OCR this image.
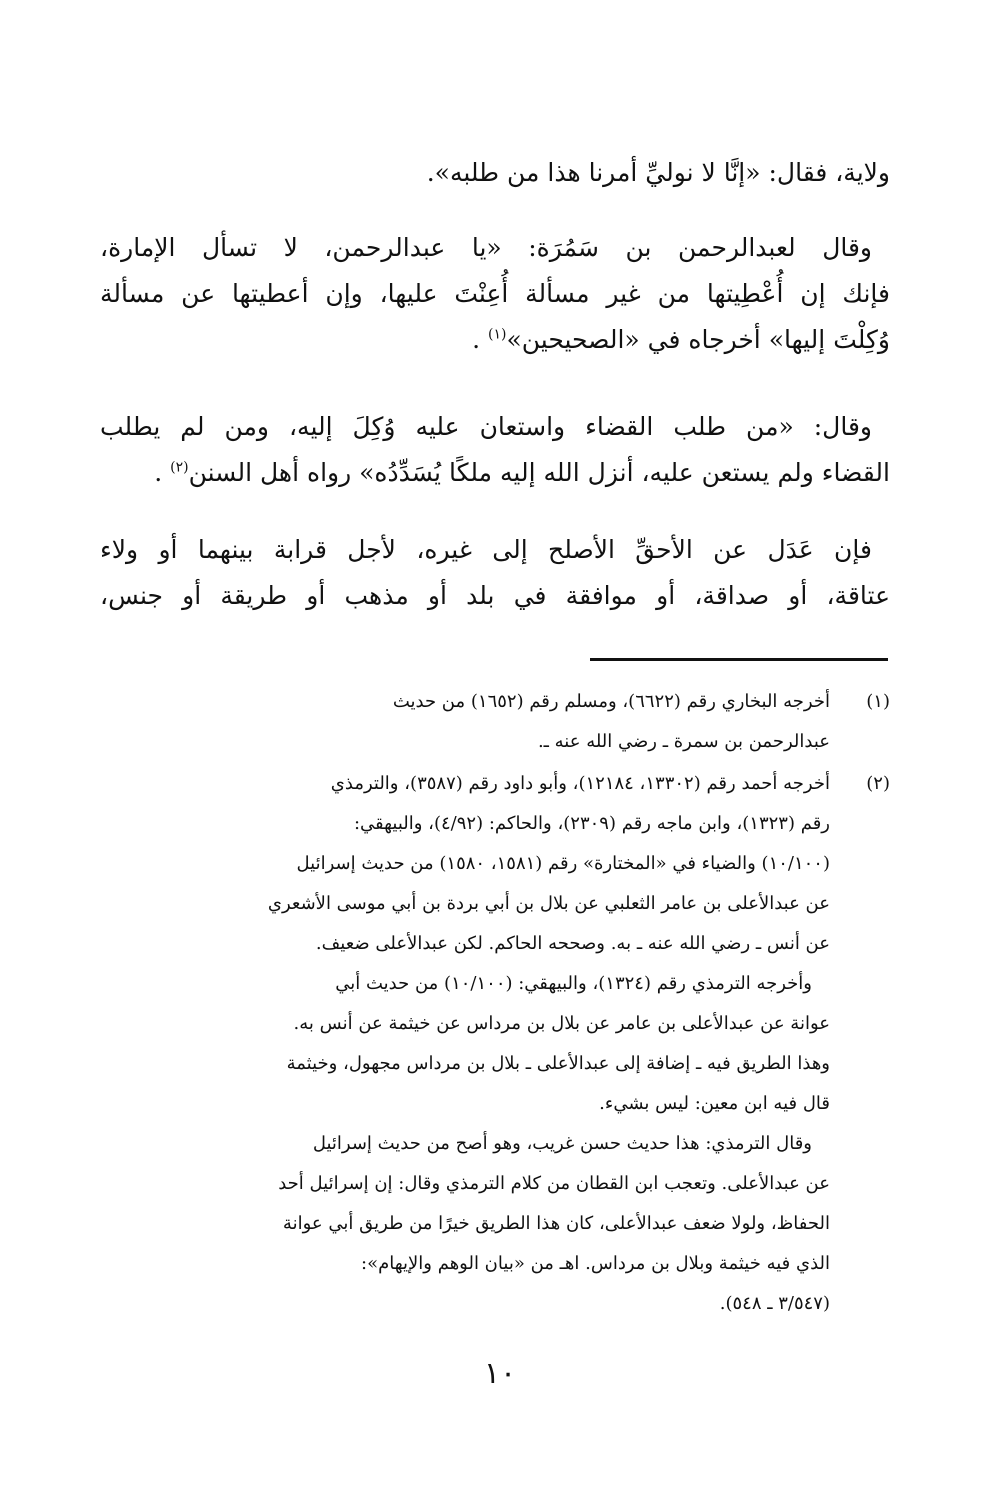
ولاية، فقال: «إنَّا لا نوليِّ أمرنا هذا من طلبه».
وقال لعبدالرحمن بن سَمُرَة: «يا عبدالرحمن، لا تسأل الإمارة،
فإنك إن أُعْطِيتها من غير مسألة أُعِنْتَ عليها، وإن أعطيتها عن مسألة
وُكِلْتَ إليها» أخرجاه في «الصحيحين»$^{(١)}$ .
وقال: «من طلب القضاء واستعان عليه وُكِلَ إليه، ومن لم يطلب
القضاء ولم يستعن عليه، أنزل الله إليه ملكًا يُسَدِّدُه» رواه أهل السنن$^{(٢)}$ .
فإن عَدَل عن الأحقِّ الأصلح إلى غيره، لأجل قرابة بينهما أو ولاء
عتاقة، أو صداقة، أو موافقة في بلد أو مذهب أو طريقة أو جنس،
(١)
أخرجه البخاري رقم (٦٦٢٢)، ومسلم رقم (١٦٥٢) من حديث
عبدالرحمن بن سمرة ـ رضي الله عنه ـ.
(٢)
أخرجه أحمد رقم (١٣٣٠٢، ١٢١٨٤)، وأبو داود رقم (٣٥٨٧)، والترمذي
رقم (١٣٢٣)، وابن ماجه رقم (٢٣٠٩)، والحاكم: (٤/٩٢)، والبيهقي:
(١٠/١٠٠) والضياء في «المختارة» رقم (١٥٨١، ١٥٨٠) من حديث إسرائيل
عن عبدالأعلى بن عامر الثعلبي عن بلال بن أبي بردة بن أبي موسى الأشعري
عن أنس ـ رضي الله عنه ـ به. وصححه الحاكم. لكن عبدالأعلى ضعيف.
وأخرجه الترمذي رقم (١٣٢٤)، والبيهقي: (١٠/١٠٠) من حديث أبي
عوانة عن عبدالأعلى بن عامر عن بلال بن مرداس عن خيثمة عن أنس به.
وهذا الطريق فيه ـ إضافة إلى عبدالأعلى ـ بلال بن مرداس مجهول، وخيثمة
قال فيه ابن معين: ليس بشيء.
وقال الترمذي: هذا حديث حسن غريب، وهو أصح من حديث إسرائيل
عن عبدالأعلى. وتعجب ابن القطان من كلام الترمذي وقال: إن إسرائيل أحد
الحفاظ، ولولا ضعف عبدالأعلى، كان هذا الطريق خيرًا من طريق أبي عوانة
الذي فيه خيثمة وبلال بن مرداس. اهـ من «بيان الوهم والإيهام»:
(٣/٥٤٧ ـ ٥٤٨).
١٠
